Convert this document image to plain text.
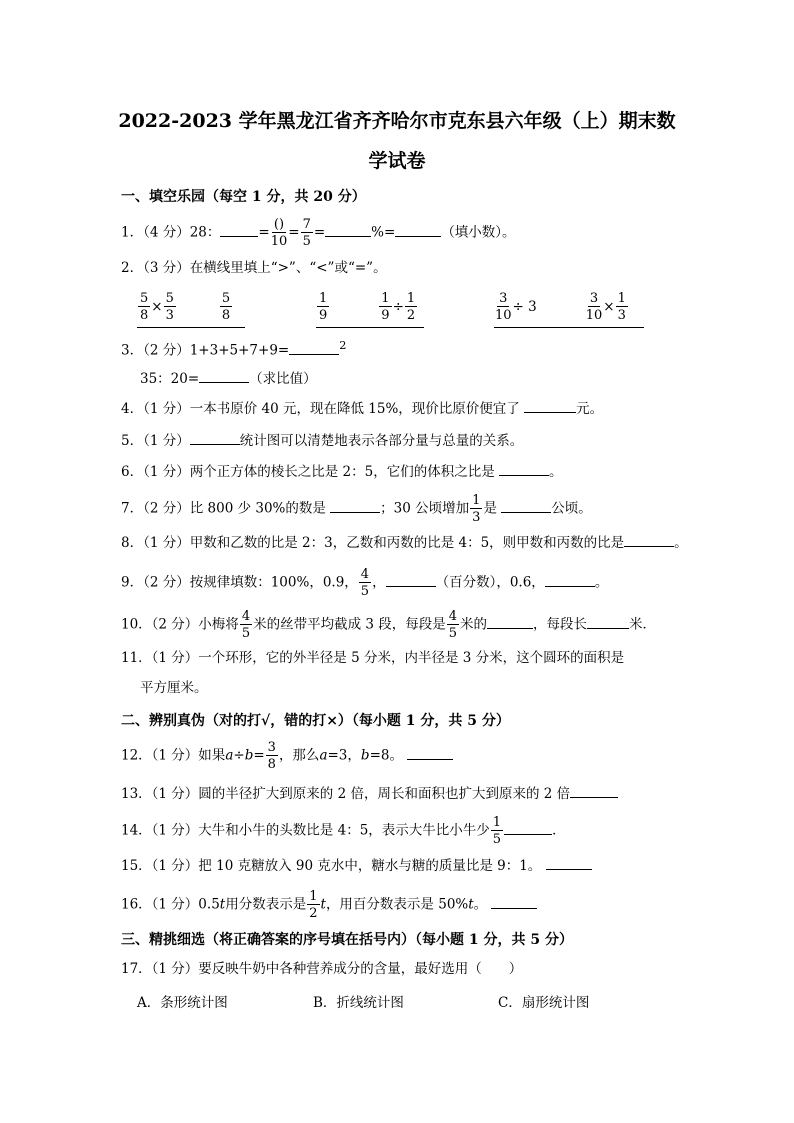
2022-2023 学年黑龙江省齐齐哈尔市克东县六年级（上）期末数
学试卷
一、填空乐园（每空 1 分，共 20 分）
1．（4 分）28：	= $\frac{()}{10} = \frac{7}{5}$ =	%=	（填小数）。
2．（3 分）在横线里填上“>”、“<”或“=”。
$\frac{5}{8} \times \frac{5}{3}$	$\frac{5}{8}$	$\frac{1}{9}$	$\frac{1}{9} \div \frac{1}{2}$	$\frac{3}{10} \div 3$	$\frac{3}{10} \times \frac{1}{3}$
3．（2 分）1+3+5+7+9=	$^2$
35：20=	（求比值）
4．（1 分）一本书原价 40 元，现在降低 15%，现价比原价便宜了	元。
5．（1 分）	统计图可以清楚地表示各部分量与总量的关系。
6．（1 分）两个正方体的棱长之比是 2：5，它们的体积之比是	。
7．（2 分）比 800 少 30%的数是	；30 公顷增加 $\frac{1}{3}$ 是	公顷。
8．（1 分）甲数和乙数的比是 2：3，乙数和丙数的比是 4：5，则甲数和丙数的比是	。
9．（2 分）按规律填数：100%，0.9， $\frac{4}{5}$ ，	（百分数），0.6，	。
10．（2 分）小梅将 $\frac{4}{5}$ 米的丝带平均截成 3 段，每段是 $\frac{4}{5}$ 米的	，每段长	米．
11．（1 分）一个环形，它的外半径是 5 分米，内半径是 3 分米，这个圆环的面积是
平方厘米。
二、辨别真伪（对的打√，错的打×）（每小题 1 分，共 5 分）
12．（1 分）如果$a\div b= \frac{3}{8}$ ，那么a=3，b=8。
13．（1 分）圆的半径扩大到原来的 2 倍，周长和面积也扩大到原来的 2 倍
14．（1 分）大牛和小牛的头数比是 4：5，表示大牛比小牛少 $\frac{1}{5}$	．
15．（1 分）把 10 克糖放入 90 克水中，糖水与糖的质量比是 9：1。
16．（1 分）0.5t用分数表示是 $\frac{1}{2}$ t，用百分数表示是 50%t。
三、精挑细选（将正确答案的序号填在括号内）（每小题 1 分，共 5 分）
17．（1 分）要反映牛奶中各种营养成分的含量，最好选用（　　）
A．条形统计图	B．折线统计图	C．扇形统计图
